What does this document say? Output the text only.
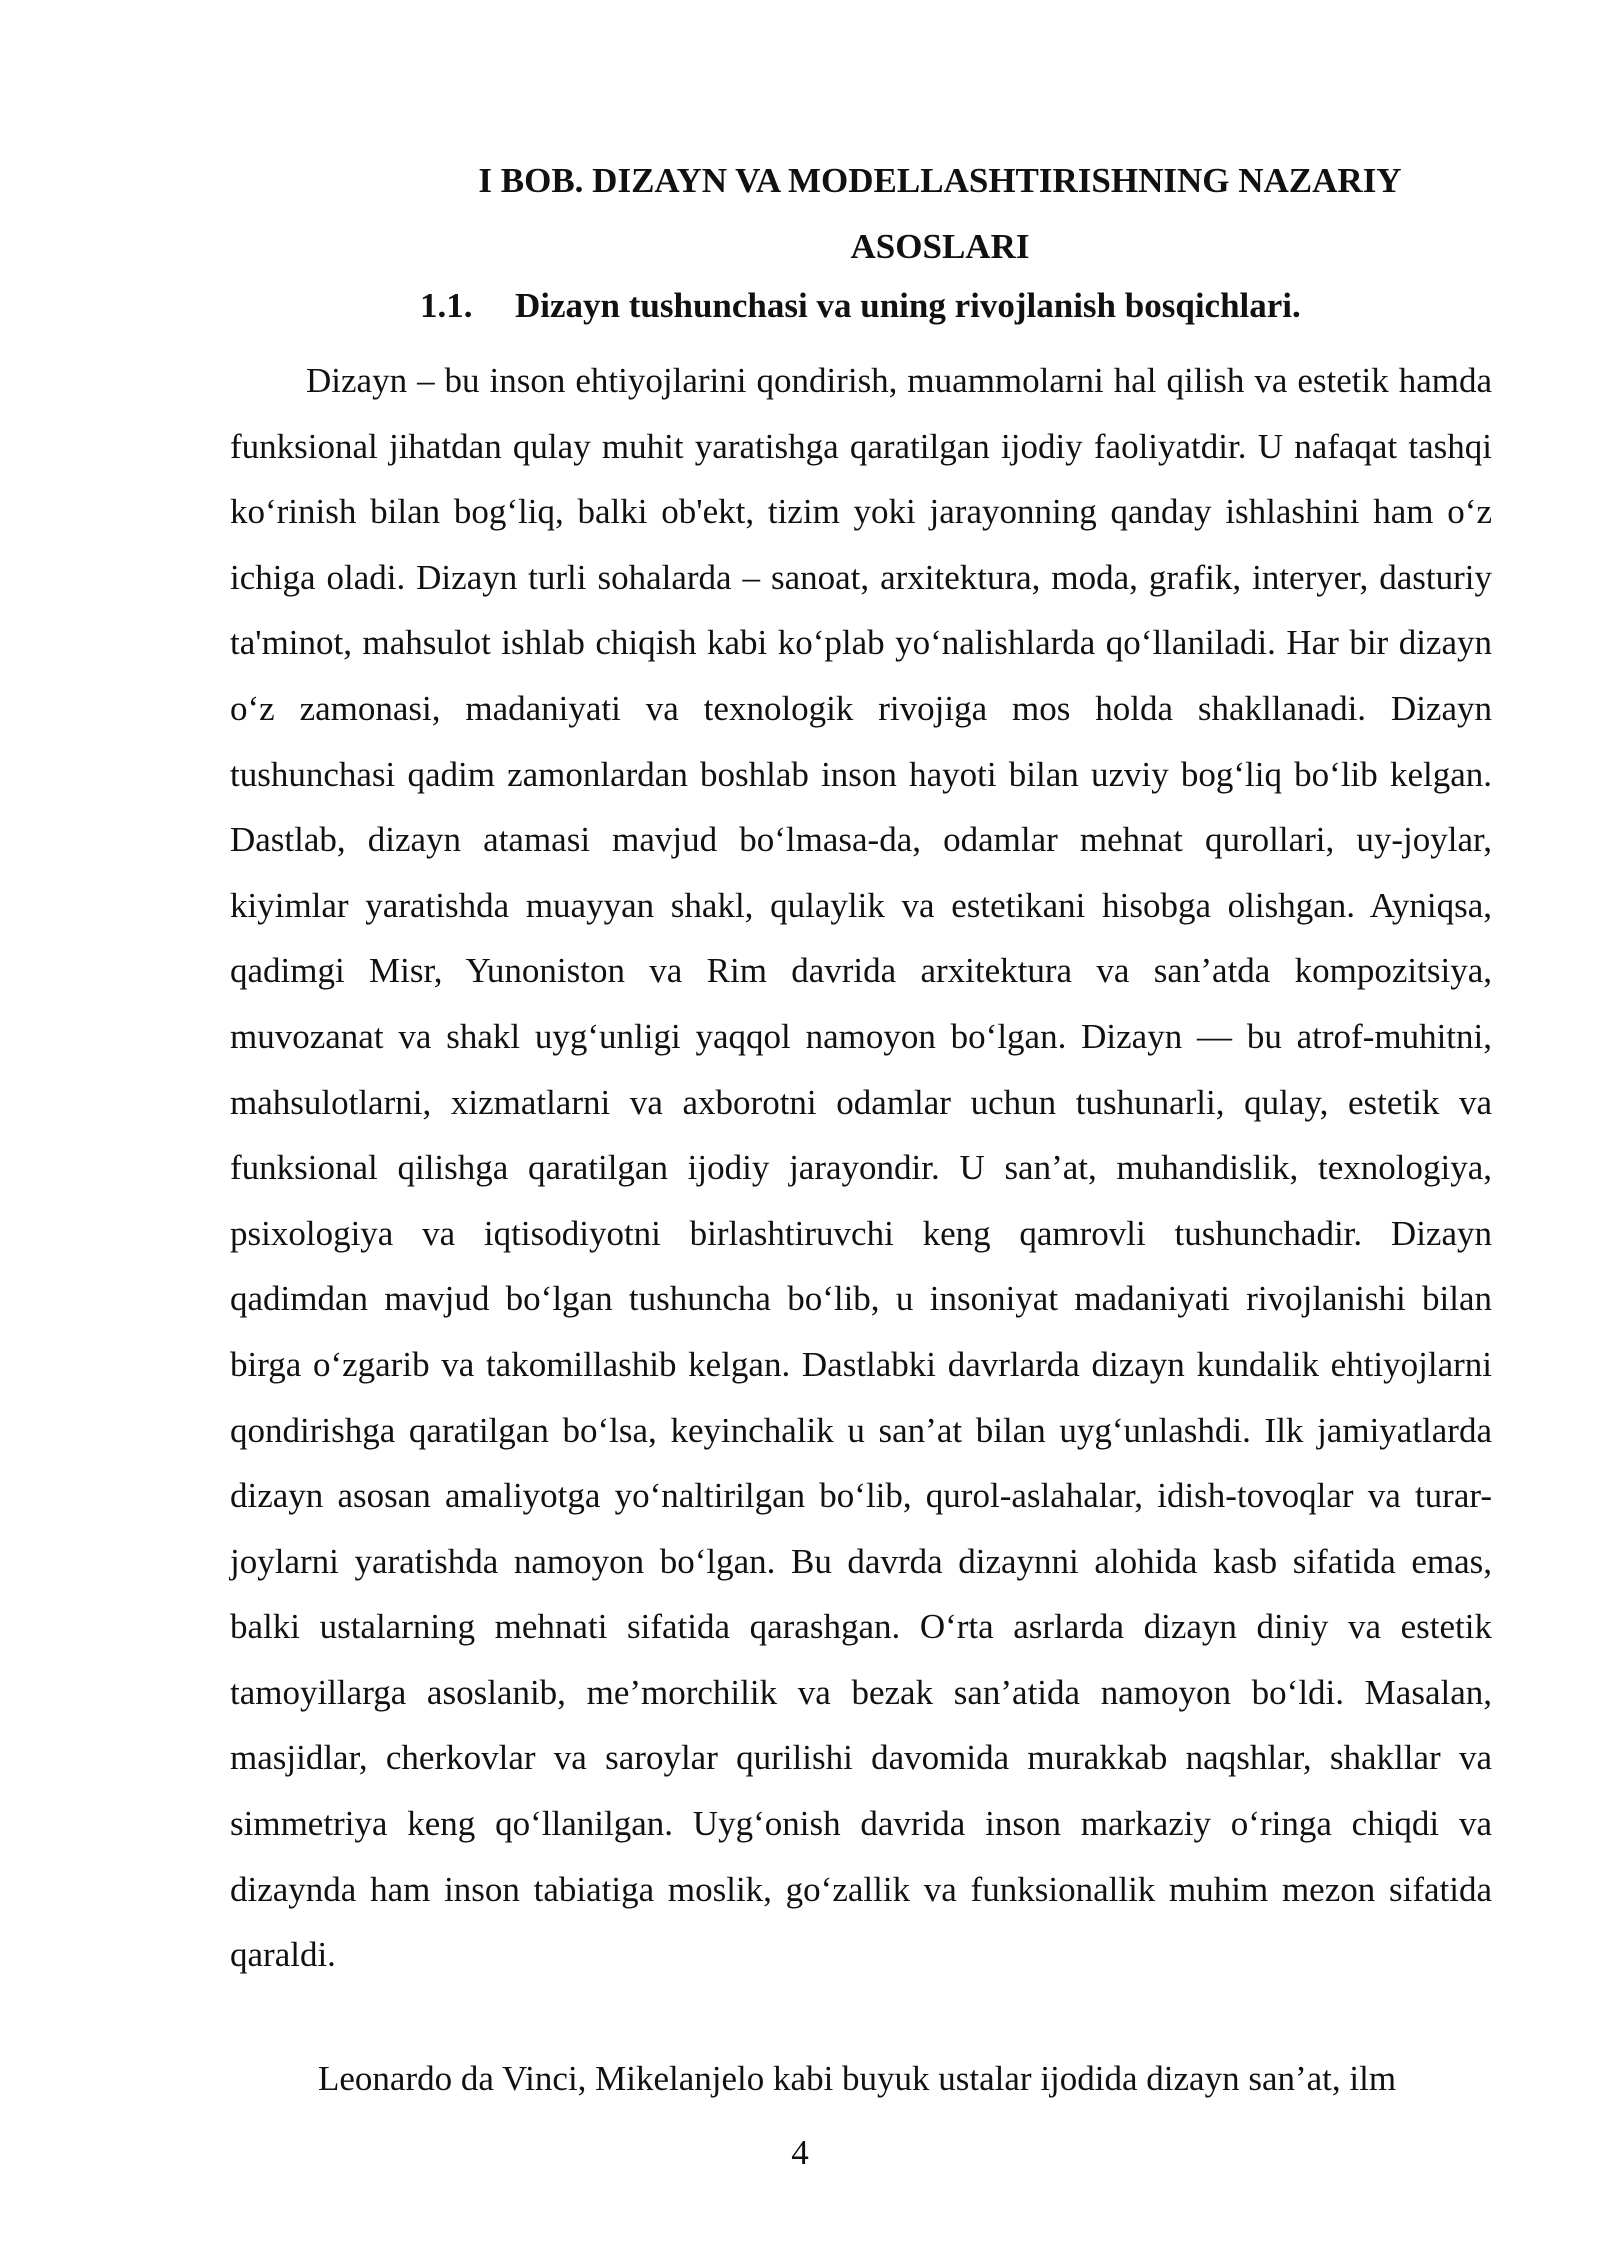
I BOB. DIZAYN VA MODELLASHTIRISHNING NAZARIY ASOSLARI
1.1. Dizayn tushunchasi va uning rivojlanish bosqichlari.

Dizayn – bu inson ehtiyojlarini qondirish, muammolarni hal qilish va estetik hamda funksional jihatdan qulay muhit yaratishga qaratilgan ijodiy faoliyatdir. U nafaqat tashqi koʻrinish bilan bogʻliq, balki ob'ekt, tizim yoki jarayonning qanday ishlashini ham oʻz ichiga oladi. Dizayn turli sohalarda – sanoat, arxitektura, moda, grafik, interyer, dasturiy ta'minot, mahsulot ishlab chiqish kabi koʻplab yoʻnalishlarda qoʻllaniladi. Har bir dizayn oʻz zamonasi, madaniyati va texnologik rivojiga mos holda shakllanadi. Dizayn tushunchasi qadim zamonlardan boshlab inson hayoti bilan uzviy bogʻliq boʻlib kelgan. Dastlab, dizayn atamasi mavjud boʻlmasa-da, odamlar mehnat qurollari, uy-joylar, kiyimlar yaratishda muayyan shakl, qulaylik va estetikani hisobga olishgan. Ayniqsa, qadimgi Misr, Yunoniston va Rim davrida arxitektura va san’atda kompozitsiya, muvozanat va shakl uygʻunligi yaqqol namoyon boʻlgan. Dizayn — bu atrof-muhitni, mahsulotlarni, xizmatlarni va axborotni odamlar uchun tushunarli, qulay, estetik va funksional qilishga qaratilgan ijodiy jarayondir. U san’at, muhandislik, texnologiya, psixologiya va iqtisodiyotni birlashtiruvchi keng qamrovli tushunchadir. Dizayn qadimdan mavjud boʻlgan tushuncha boʻlib, u insoniyat madaniyati rivojlanishi bilan birga oʻzgarib va takomillashib kelgan. Dastlabki davrlarda dizayn kundalik ehtiyojlarni qondirishga qaratilgan boʻlsa, keyinchalik u san’at bilan uygʻunlashdi. Ilk jamiyatlarda dizayn asosan amaliyotga yoʻnaltirilgan boʻlib, qurol-aslahalar, idish-tovoqlar va turar-joylarni yaratishda namoyon boʻlgan. Bu davrda dizaynni alohida kasb sifatida emas, balki ustalarning mehnati sifatida qarashgan. Oʻrta asrlarda dizayn diniy va estetik tamoyillarga asoslanib, me’morchilik va bezak san’atida namoyon boʻldi. Masalan, masjidlar, cherkovlar va saroylar qurilishi davomida murakkab naqshlar, shakllar va simmetriya keng qoʻllanilgan. Uygʻonish davrida inson markaziy oʻringa chiqdi va dizaynda ham inson tabiatiga moslik, goʻzallik va funksionallik muhim mezon sifatida qaraldi.

Leonardo da Vinci, Mikelanjelo kabi buyuk ustalar ijodida dizayn san’at, ilm

4
